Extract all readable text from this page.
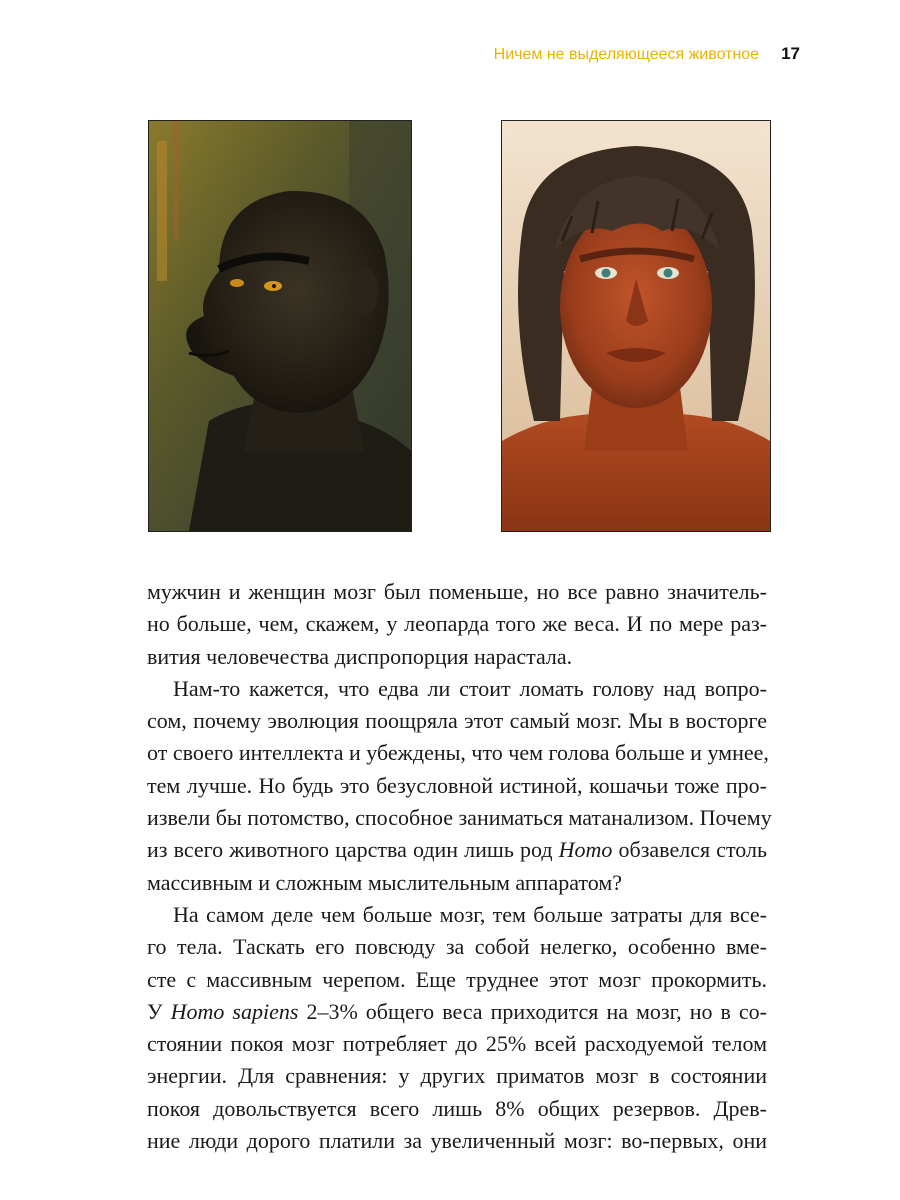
Ничем не выделяющееся животное 17

мужчин и женщин мозг был поменьше, но все равно значитель-
но больше, чем, скажем, у леопарда того же веса. И по мере раз-
вития человечества диспропорция нарастала.

Нам-то кажется, что едва ли стоит ломать голову над вопро-
сом, почему эволюция поощряла этот самый мозг. Мы в восторге
от своего интеллекта и убеждены, что чем голова больше и умнее,
тем лучше. Но будь это безусловной истиной, кошачьи тоже про-
извели бы потомство, способное заниматься матанализом. Почему
из всего животного царства один лишь род Homo обзавелся столь
массивным и сложным мыслительным аппаратом?

На самом деле чем больше мозг, тем больше затраты для все-
го тела. Таскать его повсюду за собой нелегко, особенно вме-
сте с массивным черепом. Еще труднее этот мозг прокормить.
У Homo sapiens 2–3% общего веса приходится на мозг, но в со-
стоянии покоя мозг потребляет до 25% всей расходуемой телом
энергии. Для сравнения: у других приматов мозг в состоянии
покоя довольствуется всего лишь 8% общих резервов. Древ-
ние люди дорого платили за увеличенный мозг: во-первых, они
